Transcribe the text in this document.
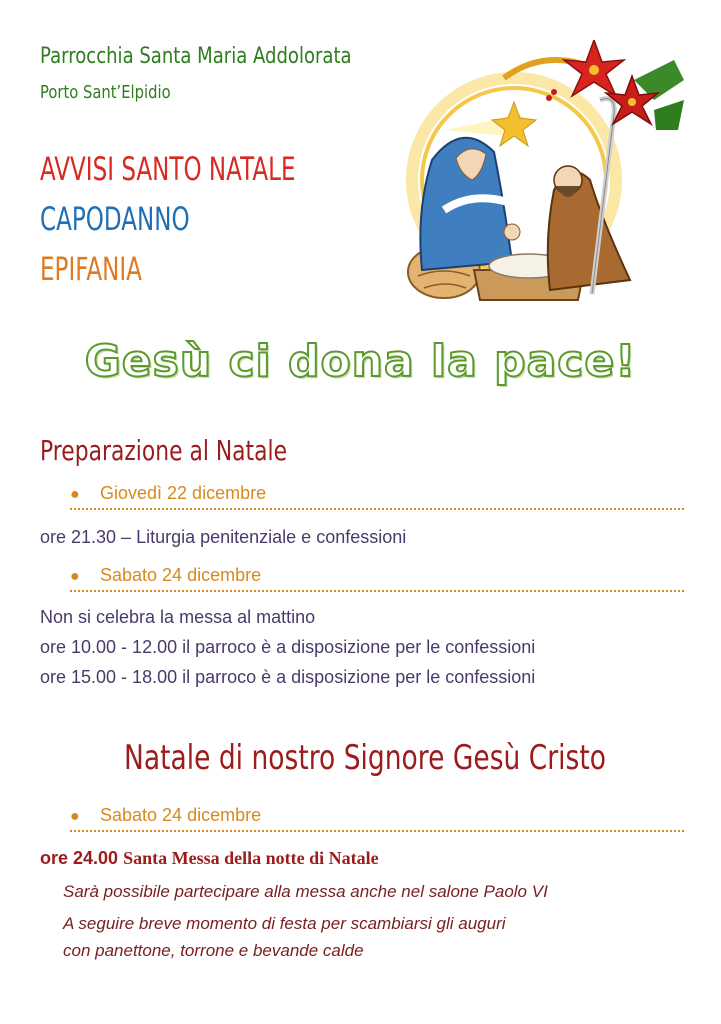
Parrocchia Santa Maria Addolorata
Porto Sant’Elpidio
AVVISI SANTO NATALE
CAPODANNO
EPIFANIA
Gesù ci dona la pace!
Preparazione al Natale
● Giovedì 22 dicembre
ore 21.30 – Liturgia penitenziale e confessioni
● Sabato 24 dicembre
Non si celebra la messa al mattino
ore 10.00 - 12.00 il parroco è a disposizione per le confessioni
ore 15.00 - 18.00 il parroco è a disposizione per le confessioni
Natale di nostro Signore Gesù Cristo
● Sabato 24 dicembre
ore 24.00 Santa Messa della notte di Natale
Sarà possibile partecipare alla messa anche nel salone Paolo VI
A seguire breve momento di festa per scambiarsi gli auguri
con panettone, torrone e bevande calde
